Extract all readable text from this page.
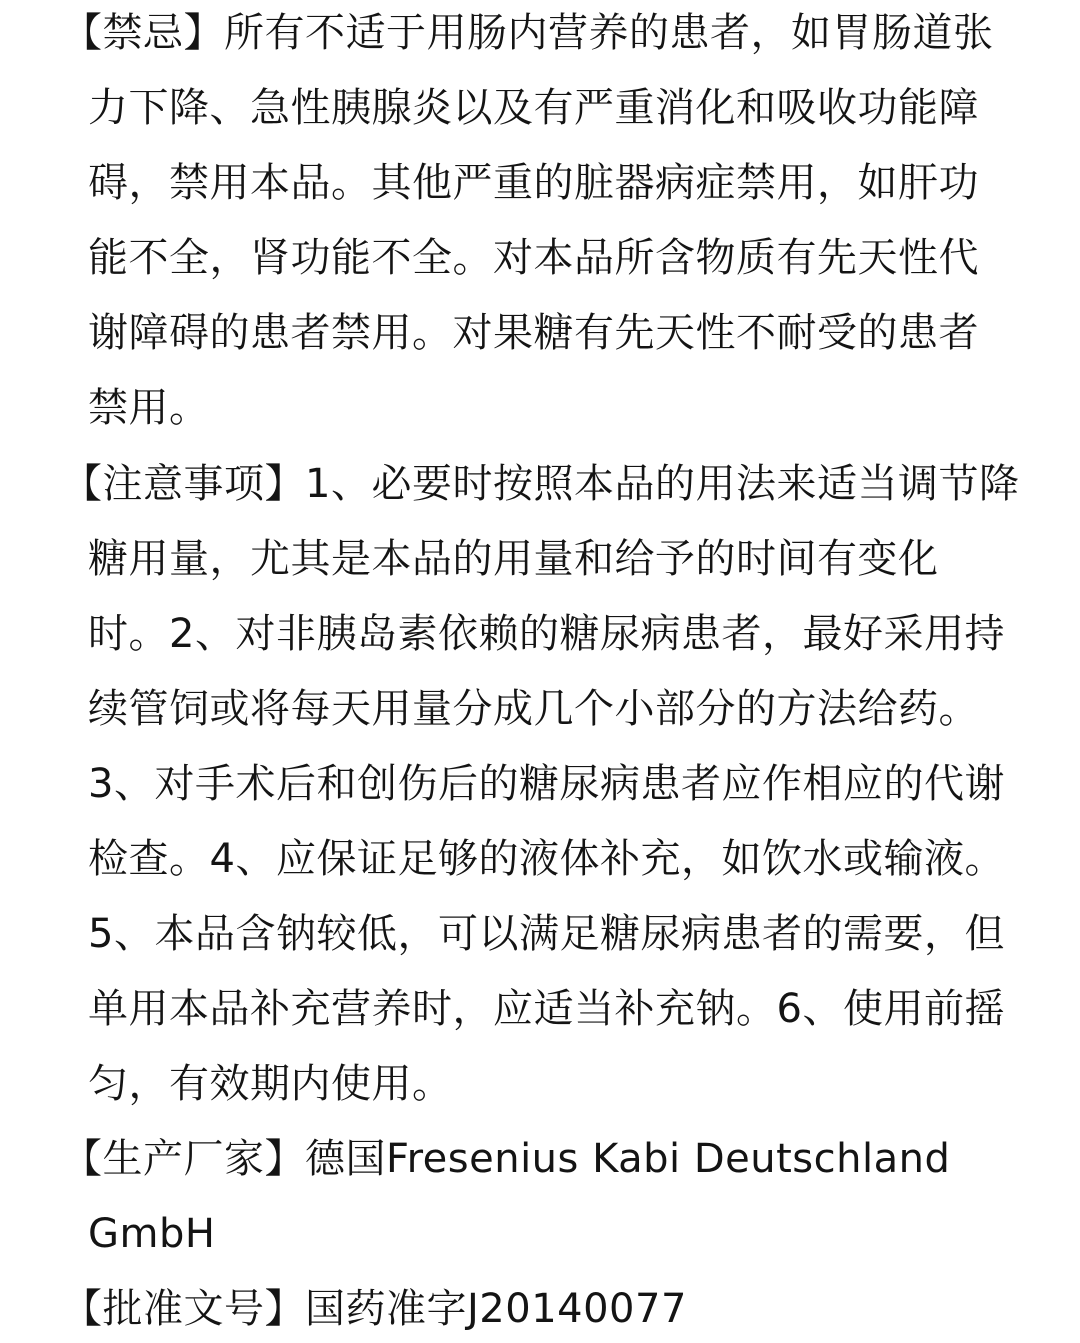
【禁忌】所有不适于用肠内营养的患者，如胃肠道张
力下降、急性胰腺炎以及有严重消化和吸收功能障
碍，禁用本品。其他严重的脏器病症禁用，如肝功
能不全，肾功能不全。对本品所含物质有先天性代
谢障碍的患者禁用。对果糖有先天性不耐受的患者
禁用。
【注意事项】1、必要时按照本品的用法来适当调节降
糖用量，尤其是本品的用量和给予的时间有变化
时。2、对非胰岛素依赖的糖尿病患者，最好采用持
续管饲或将每天用量分成几个小部分的方法给药。
3、对手术后和创伤后的糖尿病患者应作相应的代谢
检查。4、应保证足够的液体补充，如饮水或输液。
5、本品含钠较低，可以满足糖尿病患者的需要，但
单用本品补充营养时，应适当补充钠。6、使用前摇
匀，有效期内使用。
【生产厂家】德国Fresenius Kabi Deutschland
GmbH
【批准文号】国药准字J20140077
